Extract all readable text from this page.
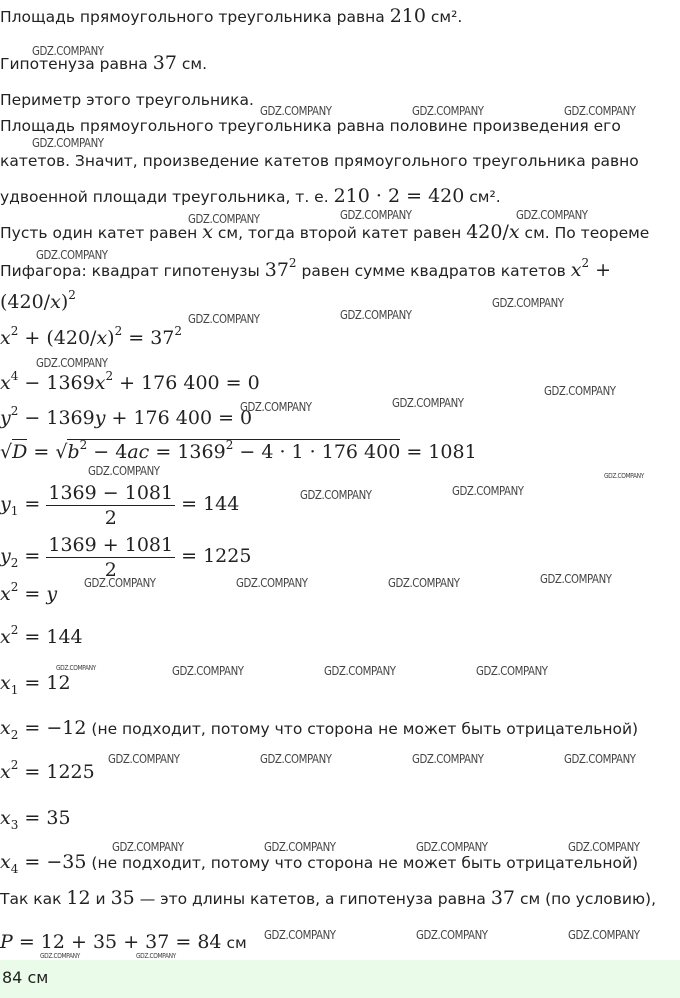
Площадь прямоугольного треугольника равна 210 см².
Гипотенуза равна 37 см.
Периметр этого треугольника.
Площадь прямоугольного треугольника равна половине произведения его
катетов. Значит, произведение катетов прямоугольного треугольника равно
удвоенной площади треугольника, т. е. 210 · 2 = 420 см².
Пусть один катет равен x см, тогда второй катет равен 420/x см. По теореме
Пифагора: квадрат гипотенузы $37^2$ равен сумме квадратов катетов $x^2$ +
$(420/x)^2$
$x^2 + (420/x)^2 = 37^2$
$x^4 - 1369x^2 + 176$ 400 = 0
$y^2 - 1369y + 176$ 400 = 0
$√D = √b^2 - 4ac = 1369^2 - 4 \cdot 1 \cdot 176$ 400 = 1081
$y_1 = \frac{1369 - 1081}{2} = 144$
$y_2 = \frac{1369 + 1081}{2} = 1225$
$x^2 = y$
$x^2 = 144$
$x_1 = 12$
$x_2 = -12$ (не подходит, потому что сторона не может быть отрицательной)
$x^2 = 1225$
$x_3 = 35$
$x_4 = -35$ (не подходит, потому что сторона не может быть отрицательной)
Так как 12 и 35 — это длины катетов, а гипотенуза равна 37 см (по условию),
P = 12 + 35 + 37 = 84 см
84 см
GDZ.COMPANY
GDZ.COMPANY	GDZ.COMPANY	GDZ.COMPANY
GDZ.COMPANY
GDZ.COMPANY	GDZ.COMPANY	GDZ.COMPANY
GDZ.COMPANY
GDZ.COMPANY
GDZ.COMPANY	GDZ.COMPANY
GDZ.COMPANY
GDZ.COMPANY
GDZ.COMPANY	GDZ.COMPANY
GDZ.COMPANY	GDZ.COMPANY
GDZ.COMPANY	GDZ.COMPANY
GDZ.COMPANY	GDZ.COMPANY	GDZ.COMPANY	GDZ.COMPANY
GDZ.COMPANY	GDZ.COMPANY	GDZ.COMPANY	GDZ.COMPANY
GDZ.COMPANY	GDZ.COMPANY	GDZ.COMPANY	GDZ.COMPANY
GDZ.COMPANY	GDZ.COMPANY	GDZ.COMPANY	GDZ.COMPANY
GDZ.COMPANY	GDZ.COMPANY	GDZ.COMPANY
GDZ.COMPANY	GDZ.COMPANY
